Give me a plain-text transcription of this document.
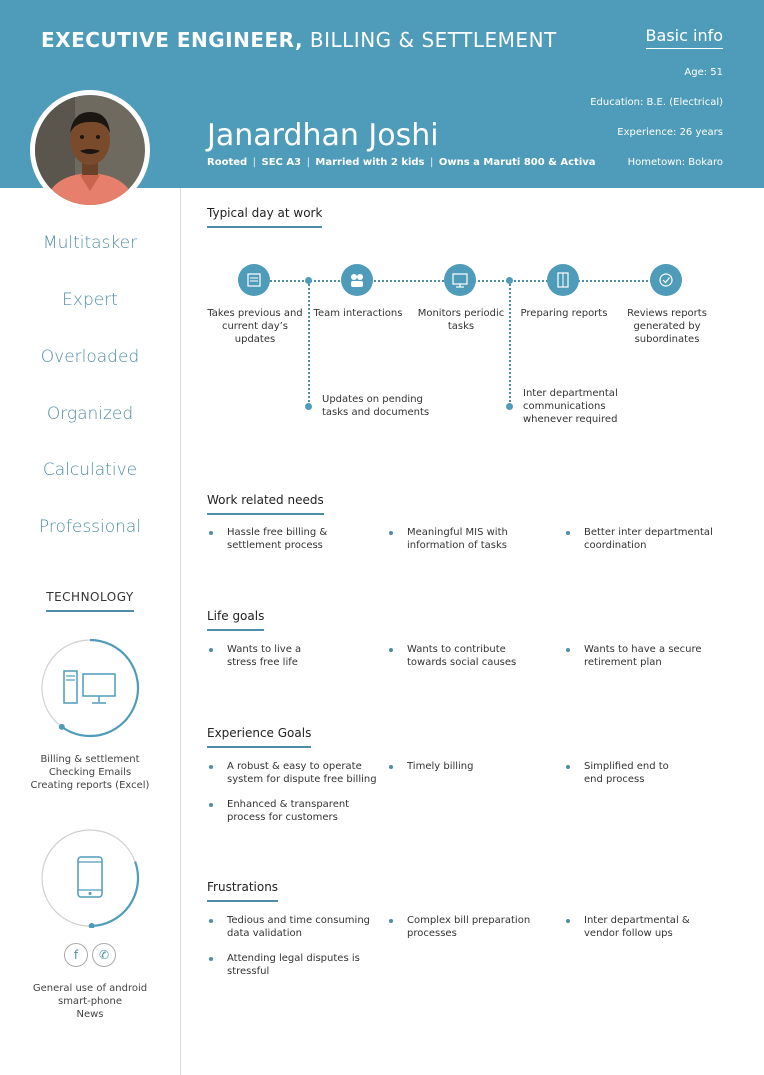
EXECUTIVE ENGINEER, BILLING & SETTLEMENT
Janardhan Joshi
Rooted | SEC A3 | Married with 2 kids | Owns a Maruti 800 & Activa
Basic info
Age: 51
Education: B.E. (Electrical)
Experience: 26 years
Hometown: Bokaro
Multitasker
Expert
Overloaded
Organized
Calculative
Professional
TECHNOLOGY
Billing & settlement
Checking Emails
Creating reports (Excel)
f	✆
General use of android
smart-phone
News
Typical day at work
Takes previous and current day’s updates
Team interactions Monitors periodic tasks
Preparing reports	Reviews reports generated by subordinates
Updates on pending tasks and documents
Inter departmental communications whenever required
Work related needs
Hassle free billing & settlement process
Meaningful MIS with information of tasks
Better inter departmental coordination
Life goals
Wants to live a stress free life
Wants to contribute towards social causes
Wants to have a secure retirement plan
Experience Goals
A robust & easy to operate system for dispute free billing
Timely billing	Simplified end to end process
Enhanced & transparent process for customers
Frustrations
Tedious and time consuming data validation
Complex bill preparation processes
Inter departmental & vendor follow ups
Attending legal disputes is stressful
